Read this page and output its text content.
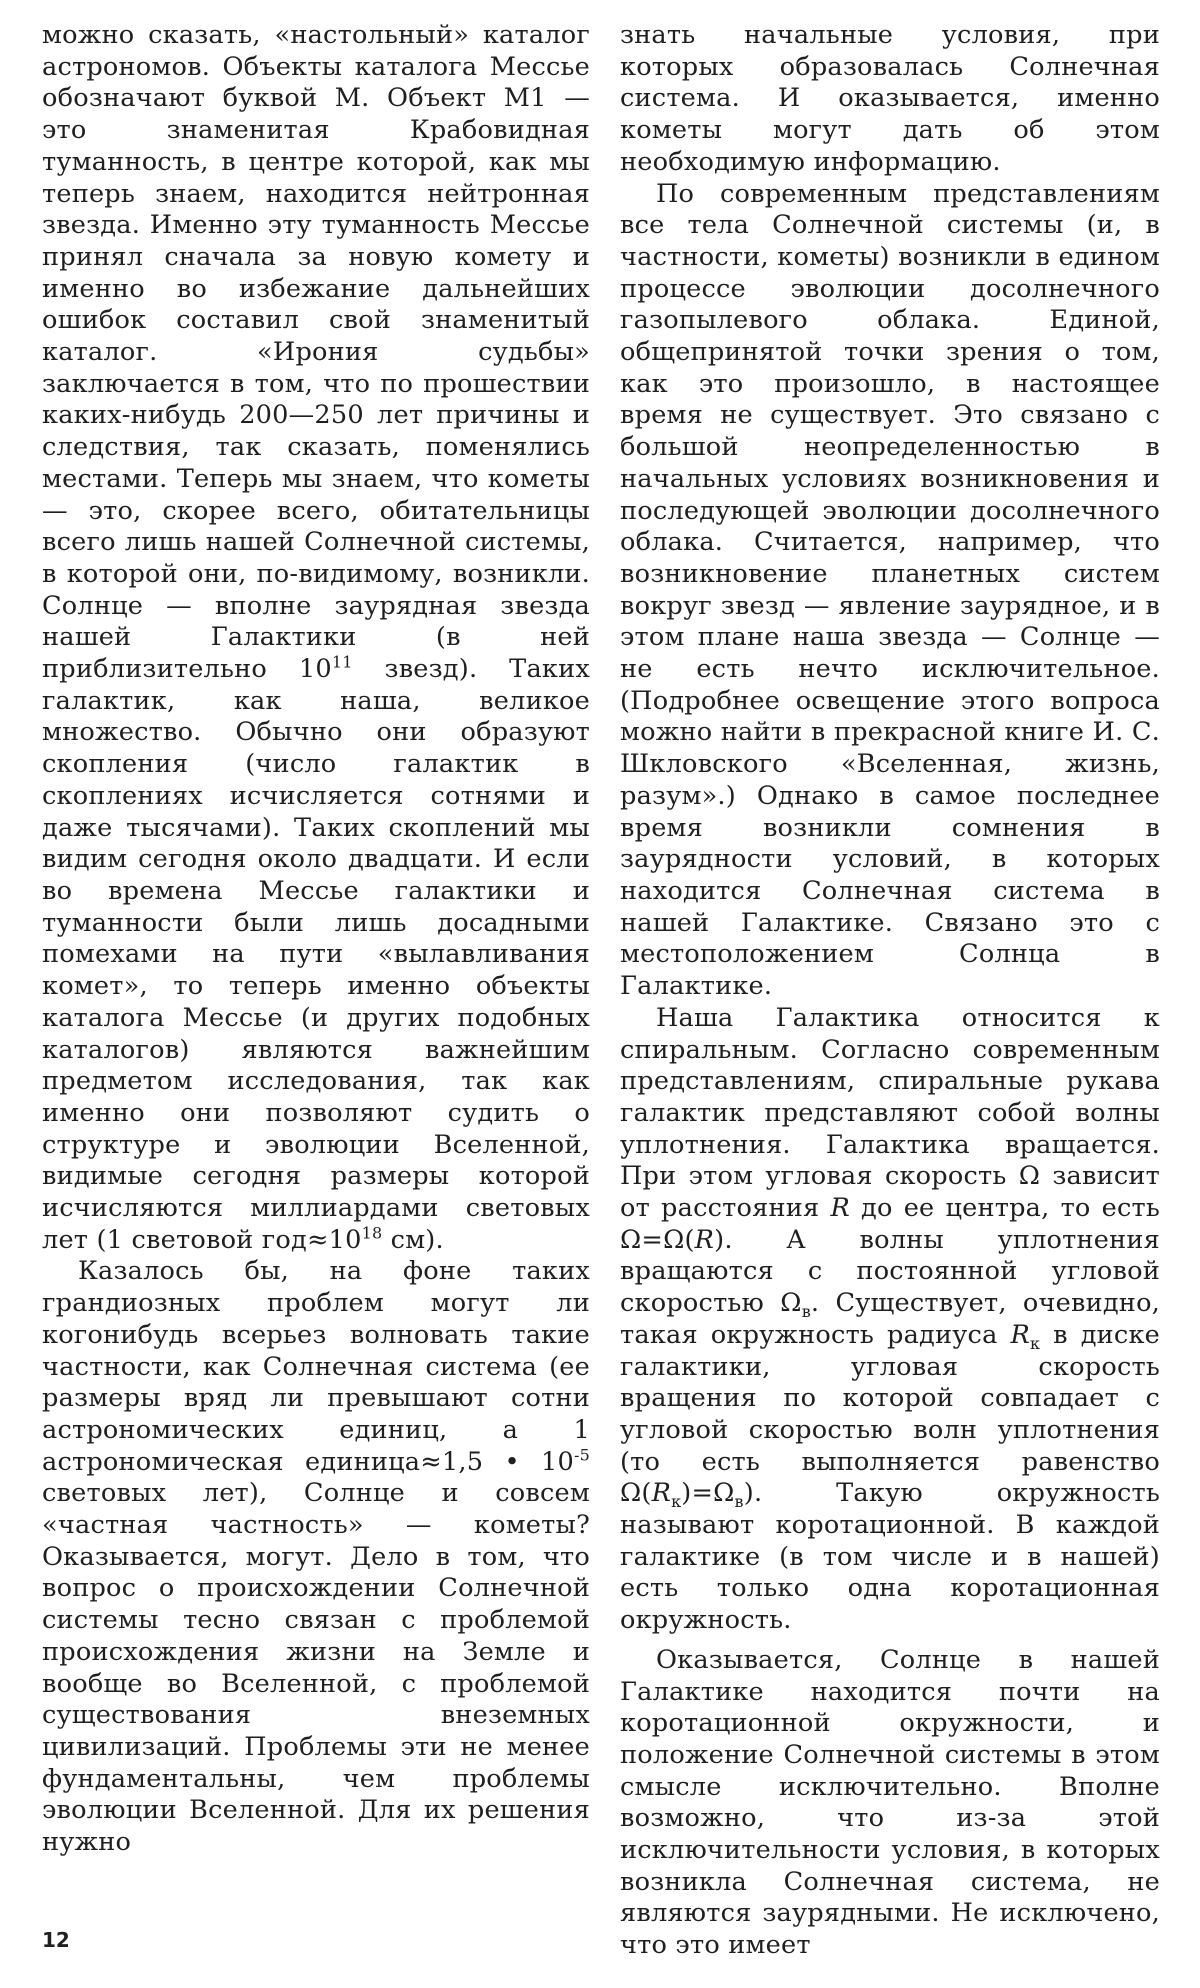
можно сказать, «настольный» каталог астрономов. Объекты каталога Мессье обозначают буквой М. Объект М1 — это знаменитая Крабовидная туманность, в центре которой, как мы теперь знаем, находится нейтронная звезда. Именно эту туманность Мессье принял сначала за новую комету и именно во избежание дальнейших ошибок составил свой знаменитый каталог. «Ирония судьбы» заключается в том, что по прошествии каких-нибудь 200—250 лет причины и следствия, так сказать, поменялись местами. Теперь мы знаем, что кометы — это, скорее всего, обитательницы всего лишь нашей Солнечной системы, в которой они, по-видимому, возникли. Солнце — вполне заурядная звезда нашей Галактики (в ней приблизительно $10^{11}$ звезд). Таких галактик, как наша, великое множество. Обычно они образуют скопления (число галактик в скоплениях исчисляется сотнями и даже тысячами). Таких скоплений мы видим сегодня около двадцати. И если во времена Мессье галактики и туманности были лишь досадными помехами на пути «вылавливания комет», то теперь именно объекты каталога Мессье (и других подобных каталогов) являются важнейшим предметом исследования, так как именно они позволяют судить о структуре и эволюции Вселенной, видимые сегодня размеры которой исчисляются миллиардами световых лет (1 световой $год\approx 10^{18}$ см).

Казалось бы, на фоне таких грандиозных проблем могут ли когонибудь всерьез волновать такие частности, как Солнечная система (ее размеры вряд ли превышают сотни астрономических единиц, а 1 астрономическая единица≈1,5 • $10^{-5}$ световых лет), Солнце и совсем «частная частность» — кометы? Оказывается, могут. Дело в том, что вопрос о происхождении Солнечной системы тесно связан с проблемой происхождения жизни на Земле и вообще во Вселенной, с проблемой существования внеземных цивилизаций. Проблемы эти не менее фундаментальны, чем проблемы эволюции Вселенной. Для их решения нужно

знать начальные условия, при которых образовалась Солнечная система. И оказывается, именно кометы могут дать об этом необходимую информацию.

По современным представлениям все тела Солнечной системы (и, в частности, кометы) возникли в едином процессе эволюции досолнечного газопылевого облака. Единой, общепринятой точки зрения о том, как это произошло, в настоящее время не существует. Это связано с большой неопределенностью в начальных условиях возникновения и последующей эволюции досолнечного облака. Считается, например, что возникновение планетных систем вокруг звезд — явление заурядное, и в этом плане наша звезда — Солнце — не есть нечто исключительное. (Подробнее освещение этого вопроса можно найти в прекрасной книге И. С. Шкловского «Вселенная, жизнь, разум».) Однако в самое последнее время возникли сомнения в заурядности условий, в которых находится Солнечная система в нашей Галактике. Связано это с местоположением Солнца в Галактике.

Наша Галактика относится к спиральным. Согласно современным представлениям, спиральные рукава галактик представляют собой волны уплотнения. Галактика вращается. При этом угловая скорость Ω зависит от расстояния R до ее центра, то есть Ω=Ω(R). А волны уплотнения вращаются с постоянной угловой скоростью $\Omega_в$. Существует, очевидно, такая окружность радиуса $R_к$ в диске галактики, угловая скорость вращения по которой совпадает с угловой скоростью волн уплотнения (то есть выполняется равенство $\Omega(R_к)=\Omega_в$). Такую окружность называют коротационной. В каждой галактике (в том числе и в нашей) есть только одна коротационная окружность.

Оказывается, Солнце в нашей Галактике находится почти на коротационной окружности, и положение Солнечной системы в этом смысле исключительно. Вполне возможно, что из-за этой исключительности условия, в которых возникла Солнечная система, не являются заурядными. Не исключено, что это имеет

12
